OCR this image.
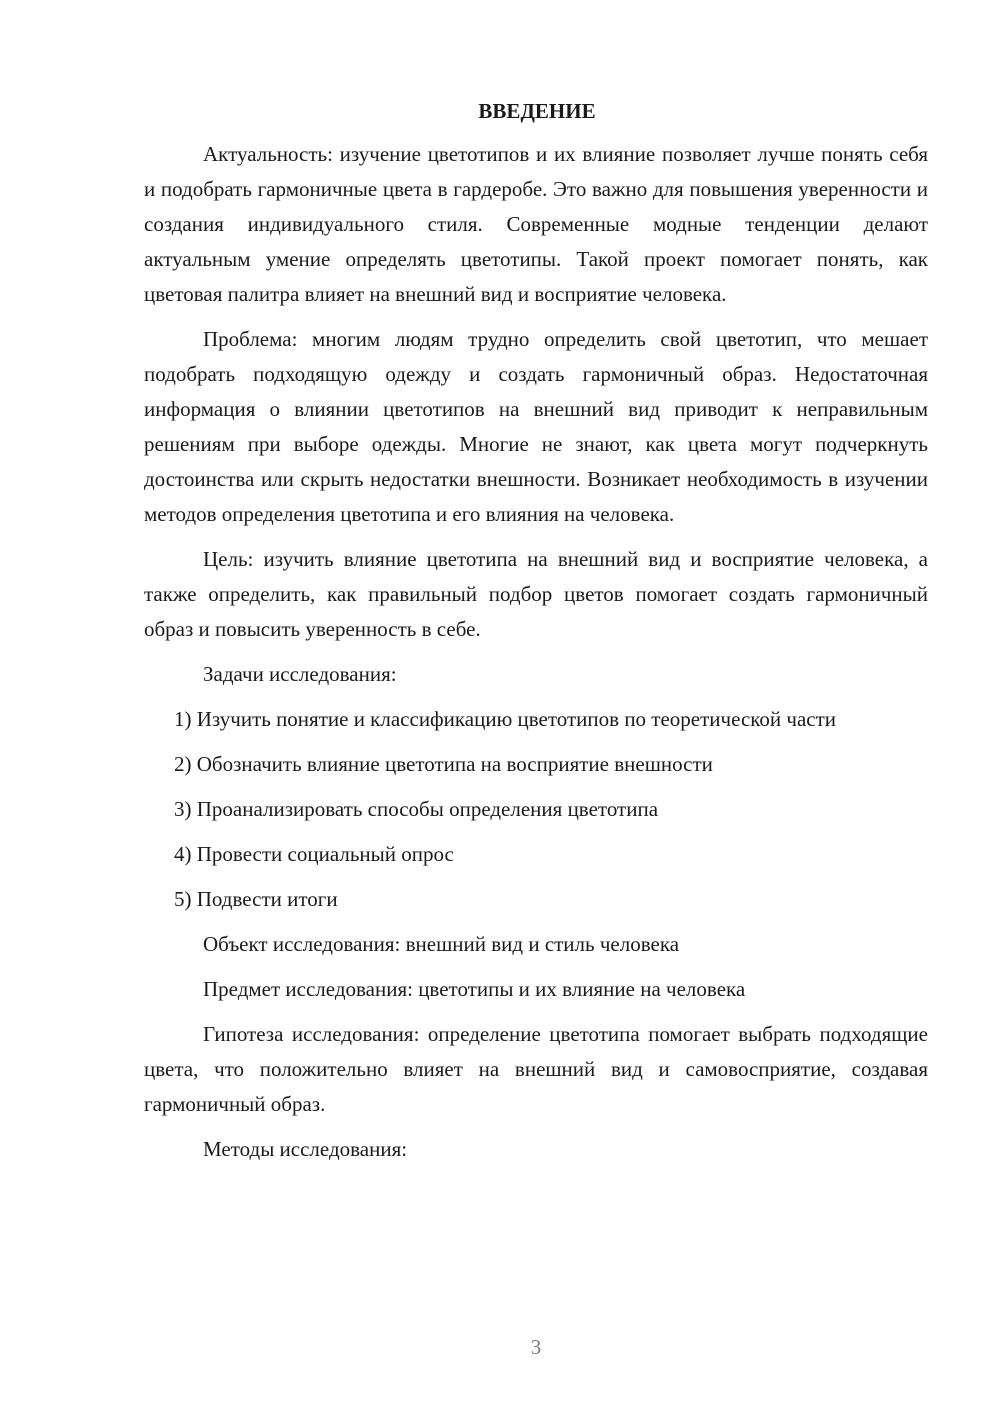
ВВЕДЕНИЕ

Актуальность: изучение цветотипов и их влияние позволяет лучше понять себя и подобрать гармоничные цвета в гардеробе. Это важно для повышения уверенности и создания индивидуального стиля. Современные модные тенденции делают актуальным умение определять цветотипы. Такой проект помогает понять, как цветовая палитра влияет на внешний вид и восприятие человека.

Проблема: многим людям трудно определить свой цветотип, что мешает подобрать подходящую одежду и создать гармоничный образ. Недостаточная информация о влиянии цветотипов на внешний вид приводит к неправильным решениям при выборе одежды. Многие не знают, как цвета могут подчеркнуть достоинства или скрыть недостатки внешности. Возникает необходимость в изучении методов определения цветотипа и его влияния на человека.

Цель: изучить влияние цветотипа на внешний вид и восприятие человека, а также определить, как правильный подбор цветов помогает создать гармоничный образ и повысить уверенность в себе.

Задачи исследования:

1) Изучить понятие и классификацию цветотипов по теоретической части

2) Обозначить влияние цветотипа на восприятие внешности

3) Проанализировать способы определения цветотипа

4) Провести социальный опрос

5) Подвести итоги

Объект исследования: внешний вид и стиль человека

Предмет исследования: цветотипы и их влияние на человека

Гипотеза исследования: определение цветотипа помогает выбрать подходящие цвета, что положительно влияет на внешний вид и самовосприятие, создавая гармоничный образ.

Методы исследования:

3
